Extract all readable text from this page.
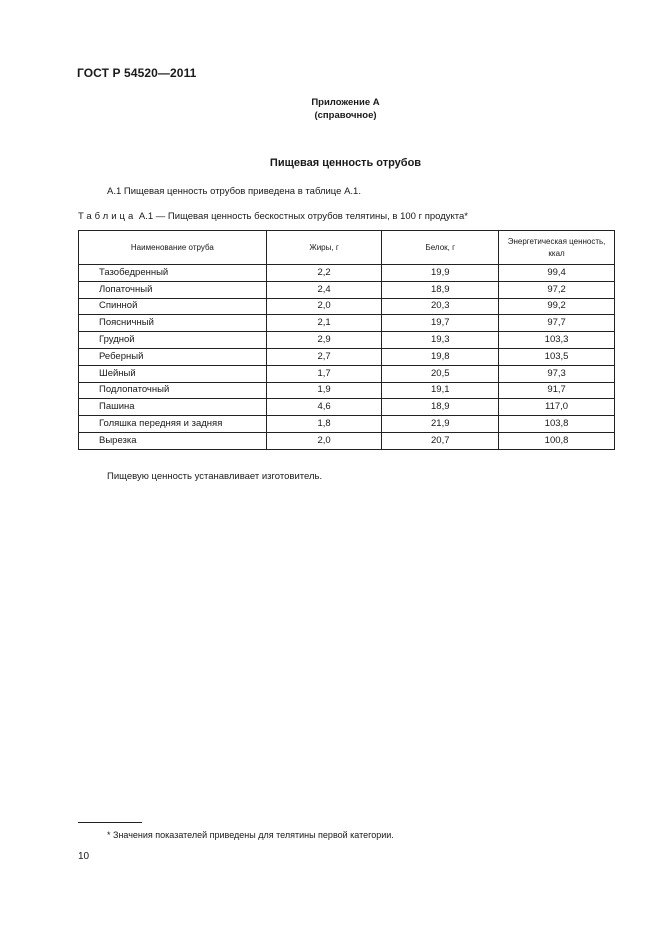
ГОСТ Р 54520—2011
Приложение А
(справочное)
Пищевая ценность отрубов
А.1 Пищевая ценность отрубов приведена в таблице А.1.
Таблица А.1 — Пищевая ценность бескостных отрубов телятины, в 100 г продукта*
Наименование отруба	Жиры, г	Белок, г	Энергетическая ценность, ккал
Тазобедренный	2,2	19,9	99,4
Лопаточный	2,4	18,9	97,2
Спинной	2,0	20,3	99,2
Поясничный	2,1	19,7	97,7
Грудной	2,9	19,3	103,3
Реберный	2,7	19,8	103,5
Шейный	1,7	20,5	97,3
Подлопаточный	1,9	19,1	91,7
Пашина	4,6	18,9	117,0
Голяшка передняя и задняя	1,8	21,9	103,8
Вырезка	2,0	20,7	100,8
Пищевую ценность устанавливает изготовитель.
* Значения показателей приведены для телятины первой категории.
10
